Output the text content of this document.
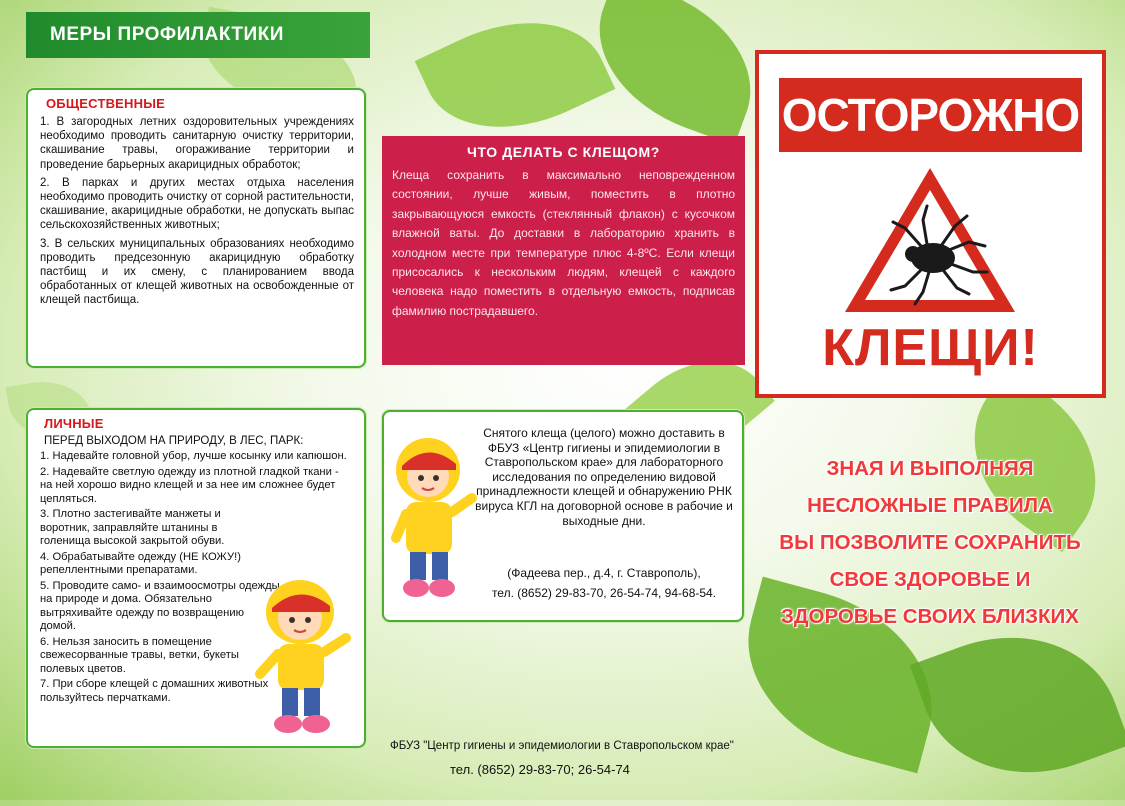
МЕРЫ ПРОФИЛАКТИКИ
ОБЩЕСТВЕННЫЕ

1. В загородных летних оздоровительных учреждениях необходимо проводить санитарную очистку территории, скашивание травы, огораживание территории и проведение барьерных акарицидных обработок;

2. В парках и других местах отдыха населения необходимо проводить очистку от сорной растительности, скашивание, акарицидные обработки, не допускать выпас сельскохозяйственных животных;

3. В сельских муниципальных образованиях необходимо проводить предсезонную акарицидную обработку пастбищ и их смену, с планированием ввода обработанных от клещей животных на освобожденные от клещей пастбища.

ЧТО ДЕЛАТЬ С КЛЕЩОМ?
Клеща сохранить в максимально неповрежденном состоянии, лучше живым, поместить в плотно закрывающуюся емкость (стеклянный флакон) с кусочком влажной ваты. До доставки в лабораторию хранить в холодном месте при температуре плюс 4-8ºС. Если клещи присосались к нескольким людям, клещей с каждого человека надо поместить в отдельную емкость, подписав фамилию пострадавшего.
ОСТОРОЖНО
КЛЕЩИ!
ЛИЧНЫЕ
ПЕРЕД ВЫХОДОМ НА ПРИРОДУ, В ЛЕС, ПАРК:
1. Надевайте головной убор, лучше косынку или капюшон.
2. Надевайте светлую одежду из плотной гладкой ткани - на ней хорошо видно клещей и за нее им сложнее будет цепляться.
3. Плотно застегивайте манжеты и воротник, заправляйте штанины в голенища высокой закрытой обуви.
4. Обрабатывайте одежду (НЕ КОЖУ!) репеллентными препаратами.
5. Проводите само- и взаимоосмотры одежды на природе и дома. Обязательно вытряхивайте одежду по возвращению домой.
6. Нельзя заносить в помещение свежесорванные травы, ветки, букеты полевых цветов.
7. При сборе клещей с домашних животных пользуйтесь перчатками.
Снятого клеща (целого) можно доставить в ФБУЗ «Центр гигиены и эпидемиологии в Ставропольском крае» для лабораторного исследования по определению видовой принадлежности клещей и обнаружению РНК вируса КГЛ на договорной основе в рабочие и выходные дни.
(Фадеева пер., д.4, г. Ставрополь),
тел. (8652) 29-83-70, 26-54-74, 94-68-54.
ЗНАЯ И ВЫПОЛНЯЯ
НЕСЛОЖНЫЕ ПРАВИЛА
ВЫ ПОЗВОЛИТЕ СОХРАНИТЬ
СВОЕ ЗДОРОВЬЕ И
ЗДОРОВЬЕ СВОИХ БЛИЗКИХ
ФБУЗ "Центр гигиены и эпидемиологии в Ставропольском крае"
тел. (8652) 29-83-70; 26-54-74
